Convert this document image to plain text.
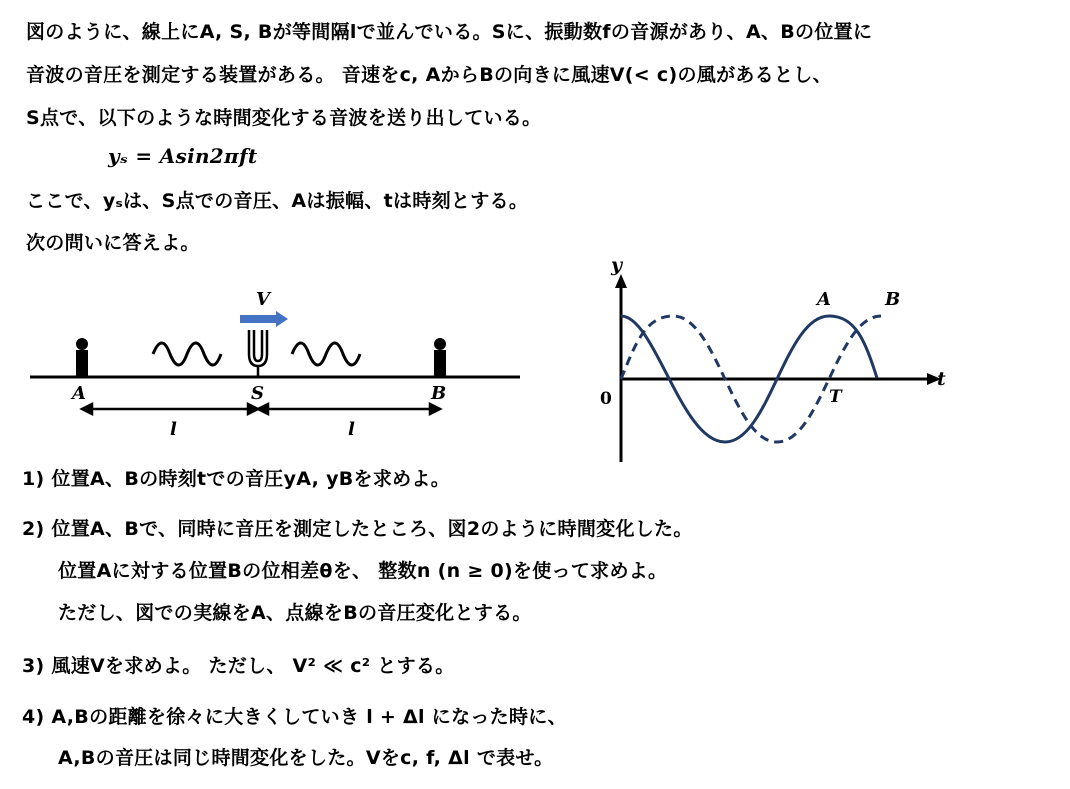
図のように、線上にA, S, Bが等間隔lで並んでいる。Sに、振動数fの音源があり、A、Bの位置に
音波の音圧を測定する装置がある。 音速をc, AからBの向きに風速V(< c)の風があるとし、
S点で、以下のような時間変化する音波を送り出している。
yₛ = Asin2πft
ここで、yₛは、S点での音圧、Aは振幅、tは時刻とする。
次の問いに答えよ。
V
A	S	B
l	l
y
t
0	T
A	B
1) 位置A、Bの時刻tでの音圧yA, yBを求めよ。
2) 位置A、Bで、同時に音圧を測定したところ、図2のように時間変化した。
位置Aに対する位置Bの位相差θを、 整数n (n ≥ 0)を使って求めよ。
ただし、図での実線をA、点線をBの音圧変化とする。
3) 風速Vを求めよ。 ただし、 V² ≪ c² とする。
4) A,Bの距離を徐々に大きくしていき l + Δl になった時に、
A,Bの音圧は同じ時間変化をした。Vをc, f, Δl で表せ。
